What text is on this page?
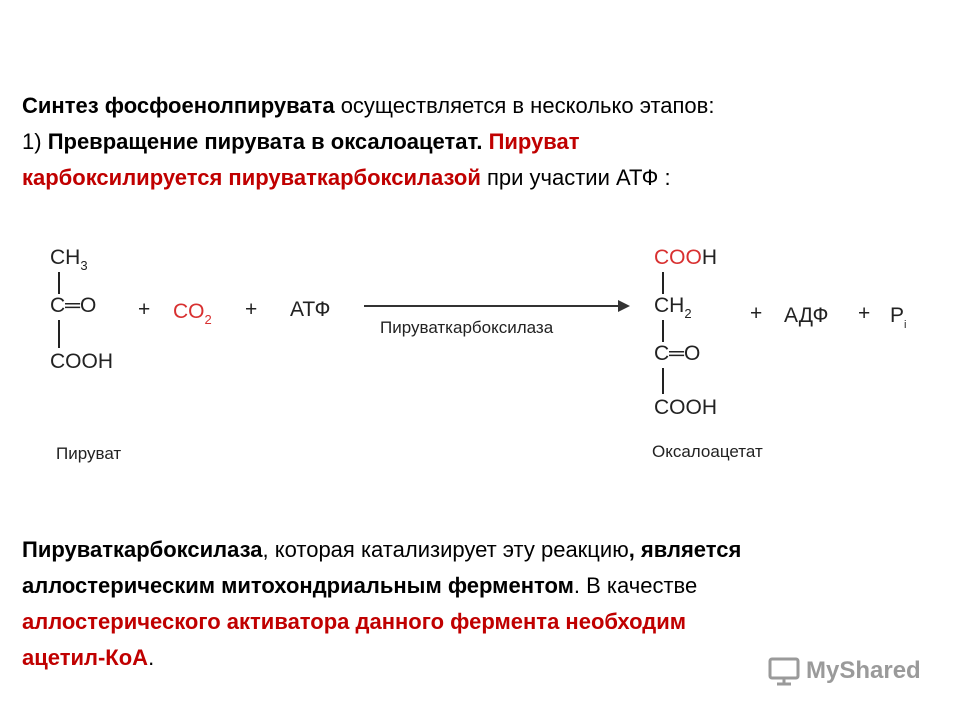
Синтез фосфоенолпирувата осуществляется в несколько этапов:
1) Превращение пирувата в оксалоацетат. Пируват
карбоксилируется пируваткарбоксилазой при участии АТФ :
$CH_3$
C═O
COOH
Пируват
+ $CO_2$ + АТФ
Пируваткарбоксилаза
COOH
$CH_2$
C═O
COOH
Оксалоацетат
+ АДФ + $P_i$
Пируваткарбоксилаза, которая катализирует эту реакцию, является
аллостерическим митохондриальным ферментом. В качестве
аллостерического активатора данного фермента необходим
ацетил-КоА.	MyShared
